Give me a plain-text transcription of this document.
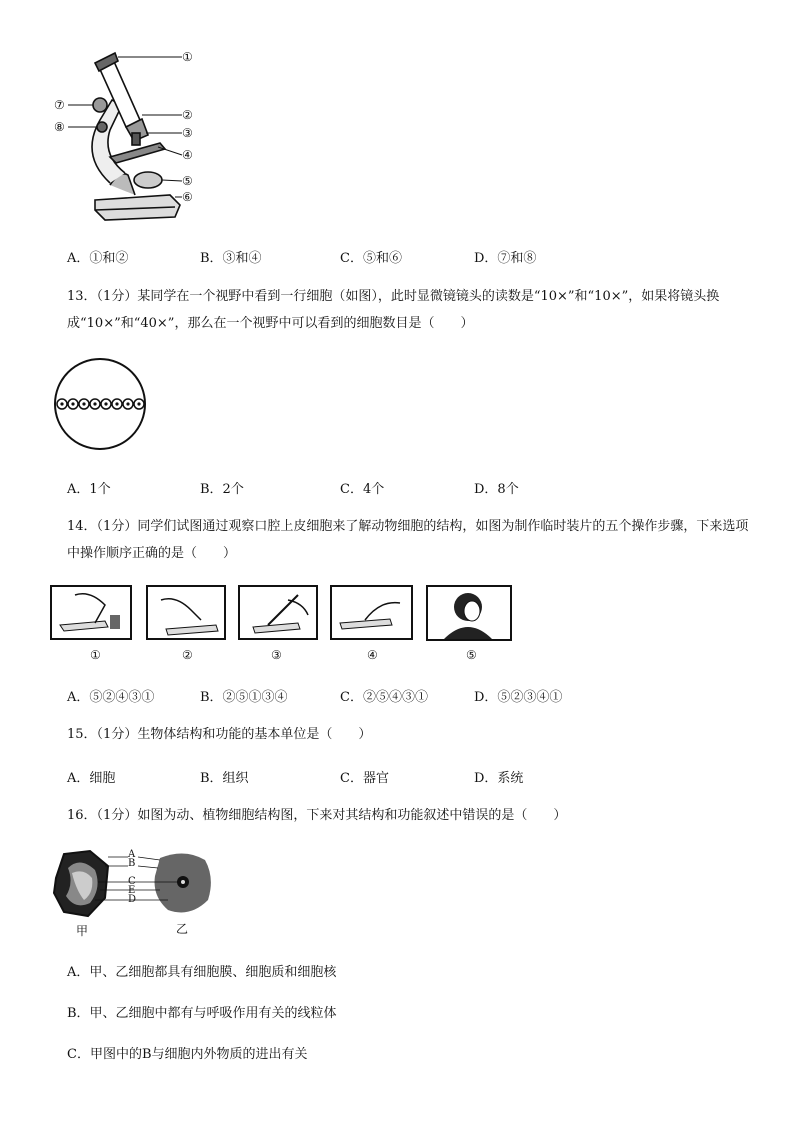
①
②
③
④
⑤
⑥
⑦
⑧
A．①和②	B．③和④	C．⑤和⑥	D．⑦和⑧
13．（1分）某同学在一个视野中看到一行细胞（如图），此时显微镜镜头的读数是“10×”和“10×”，如果将镜头换成“10×”和“40×”，那么在一个视野中可以看到的细胞数目是（　　）
A．1个	B．2个	C．4个	D．8个
14．（1分）同学们试图通过观察口腔上皮细胞来了解动物细胞的结构，如图为制作临时装片的五个操作步骤，下来选项中操作顺序正确的是（　　）
①	②	③	④	⑤
A．⑤②④③①	B．②⑤①③④	C．②⑤④③①	D．⑤②③④①
15．（1分）生物体结构和功能的基本单位是（　　）
A．细胞	B．组织	C．器官	D．系统
16．（1分）如图为动、植物细胞结构图，下来对其结构和功能叙述中错误的是（　　）
A
B
C
E
D
甲	乙
A．甲、乙细胞都具有细胞膜、细胞质和细胞核
B．甲、乙细胞中都有与呼吸作用有关的线粒体
C．甲图中的B与细胞内外物质的进出有关
